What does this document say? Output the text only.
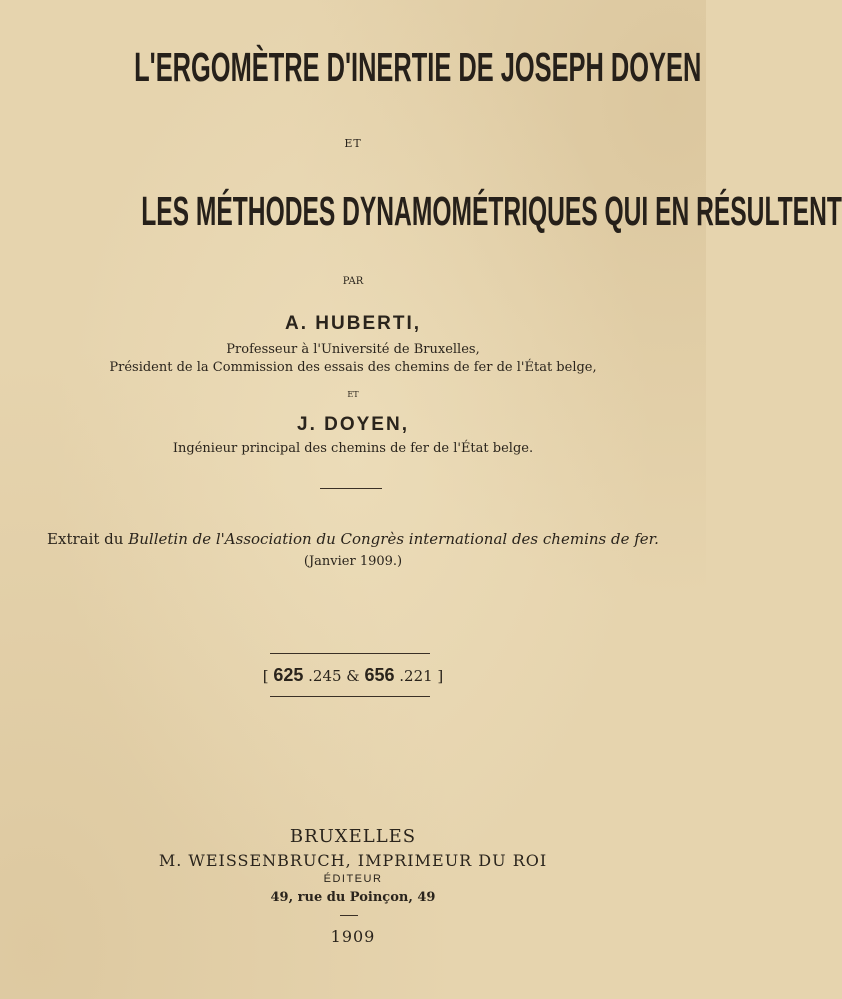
L'ERGOMÈTRE D'INERTIE DE JOSEPH DOYEN
ET
LES MÉTHODES DYNAMOMÉTRIQUES QUI EN RÉSULTENT
PAR
A. HUBERTI,
Professeur à l'Université de Bruxelles,
Président de la Commission des essais des chemins de fer de l'État belge,
ET
J. DOYEN,
Ingénieur principal des chemins de fer de l'État belge.
Extrait du Bulletin de l'Association du Congrès international des chemins de fer.
(Janvier 1909.)
[ 625 .245 & 656 .221 ]
BRUXELLES
M. WEISSENBRUCH, IMPRIMEUR DU ROI
ÉDITEUR
49, rue du Poinçon, 49
1909
